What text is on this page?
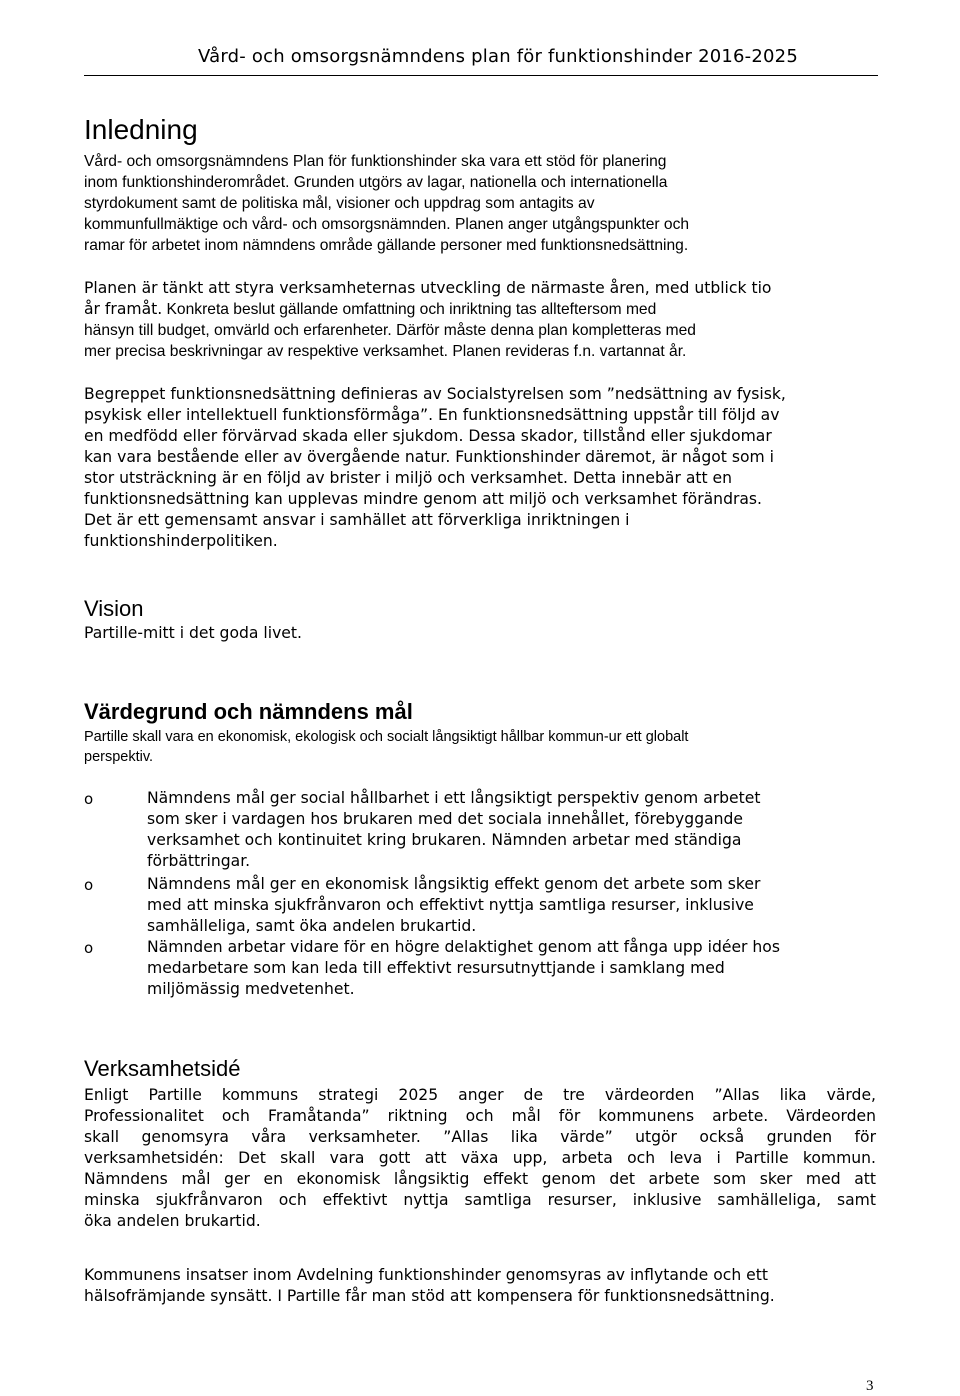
Vård- och omsorgsnämndens plan för funktionshinder 2016-2025
Inledning
Vård- och omsorgsnämndens Plan för funktionshinder ska vara ett stöd för planering
inom funktionshinderområdet. Grunden utgörs av lagar, nationella och internationella
styrdokument samt de politiska mål, visioner och uppdrag som antagits av
kommunfullmäktige och vård- och omsorgsnämnden. Planen anger utgångspunkter och
ramar för arbetet inom nämndens område gällande personer med funktionsnedsättning.
Planen är tänkt att styra verksamheternas utveckling de närmaste åren, med utblick tio
år framåt. Konkreta beslut gällande omfattning och inriktning tas allteftersom med
hänsyn till budget, omvärld och erfarenheter. Därför måste denna plan kompletteras med
mer precisa beskrivningar av respektive verksamhet. Planen revideras f.n. vartannat år.
Begreppet funktionsnedsättning definieras av Socialstyrelsen som ”nedsättning av fysisk,
psykisk eller intellektuell funktionsförmåga”. En funktionsnedsättning uppstår till följd av
en medfödd eller förvärvad skada eller sjukdom. Dessa skador, tillstånd eller sjukdomar
kan vara bestående eller av övergående natur. Funktionshinder däremot, är något som i
stor utsträckning är en följd av brister i miljö och verksamhet. Detta innebär att en
funktionsnedsättning kan upplevas mindre genom att miljö och verksamhet förändras.
Det är ett gemensamt ansvar i samhället att förverkliga inriktningen i
funktionshinderpolitiken.
Vision
Partille-mitt i det goda livet.
Värdegrund och nämndens mål
Partille skall vara en ekonomisk, ekologisk och socialt långsiktigt hållbar kommun-ur ett globalt
perspektiv.
o	Nämndens mål ger social hållbarhet i ett långsiktigt perspektiv genom arbetet
som sker i vardagen hos brukaren med det sociala innehållet, förebyggande
verksamhet och kontinuitet kring brukaren. Nämnden arbetar med ständiga
förbättringar.
o	Nämndens mål ger en ekonomisk långsiktig effekt genom det arbete som sker
med att minska sjukfrånvaron och effektivt nyttja samtliga resurser, inklusive
samhälleliga, samt öka andelen brukartid.
o	Nämnden arbetar vidare för en högre delaktighet genom att fånga upp idéer hos
medarbetare som kan leda till effektivt resursutnyttjande i samklang med
miljömässig medvetenhet.
Verksamhetsidé
Enligt Partille kommuns strategi 2025 anger de tre värdeorden ”Allas lika värde,
Professionalitet och Framåtanda” riktning och mål för kommunens arbete. Värdeorden
skall genomsyra våra verksamheter. ”Allas lika värde” utgör också grunden för
verksamhetsidén: Det skall vara gott att växa upp, arbeta och leva i Partille kommun.
Nämndens mål ger en ekonomisk långsiktig effekt genom det arbete som sker med att
minska sjukfrånvaron och effektivt nyttja samtliga resurser, inklusive samhälleliga, samt
öka andelen brukartid.
Kommunens insatser inom Avdelning funktionshinder genomsyras av inflytande och ett
hälsofrämjande synsätt. I Partille får man stöd att kompensera för funktionsnedsättning.
3
